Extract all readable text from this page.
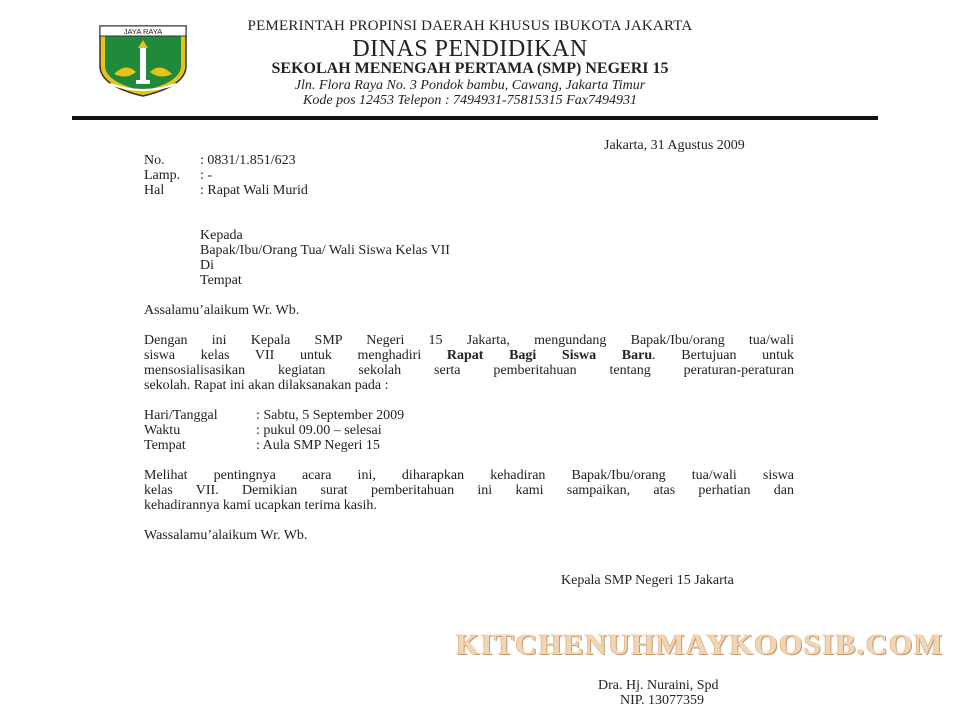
JAYA RAYA	PEMERINTAH PROPINSI DAERAH KHUSUS IBUKOTA JAKARTA
DINAS PENDIDIKAN
SEKOLAH MENENGAH PERTAMA (SMP) NEGERI 15
Jln. Flora Raya No. 3 Pondok bambu, Cawang, Jakarta Timur
Kode pos 12453 Telepon : 7494931-75815315 Fax7494931
Jakarta, 31 Agustus 2009
No.	: 0831/1.851/623
Lamp. : -
Hal	: Rapat Wali Murid
Kepada
Bapak/Ibu/Orang Tua/ Wali Siswa Kelas VII
Di
Tempat
Assalamu’alaikum Wr. Wb.
Dengan ini Kepala SMP Negeri 15 Jakarta, mengundang Bapak/Ibu/orang tua/wali
siswa kelas VII untuk menghadiri Rapat Bagi Siswa Baru. Bertujuan untuk
mensosialisasikan kegiatan sekolah serta pemberitahuan tentang peraturan-peraturan
sekolah. Rapat ini akan dilaksanakan pada :
Hari/Tanggal	: Sabtu, 5 September 2009
Waktu	: pukul 09.00 – selesai
Tempat	: Aula SMP Negeri 15
Melihat pentingnya acara ini, diharapkan kehadiran Bapak/Ibu/orang tua/wali siswa
kelas VII. Demikian surat pemberitahuan ini kami sampaikan, atas perhatian dan
kehadirannya kami ucapkan terima kasih.
Wassalamu’alaikum Wr. Wb.
Kepala SMP Negeri 15 Jakarta
KITCHENUHMAYKOOSIB.COM
Dra. Hj. Nuraini, Spd
NIP. 13077359
